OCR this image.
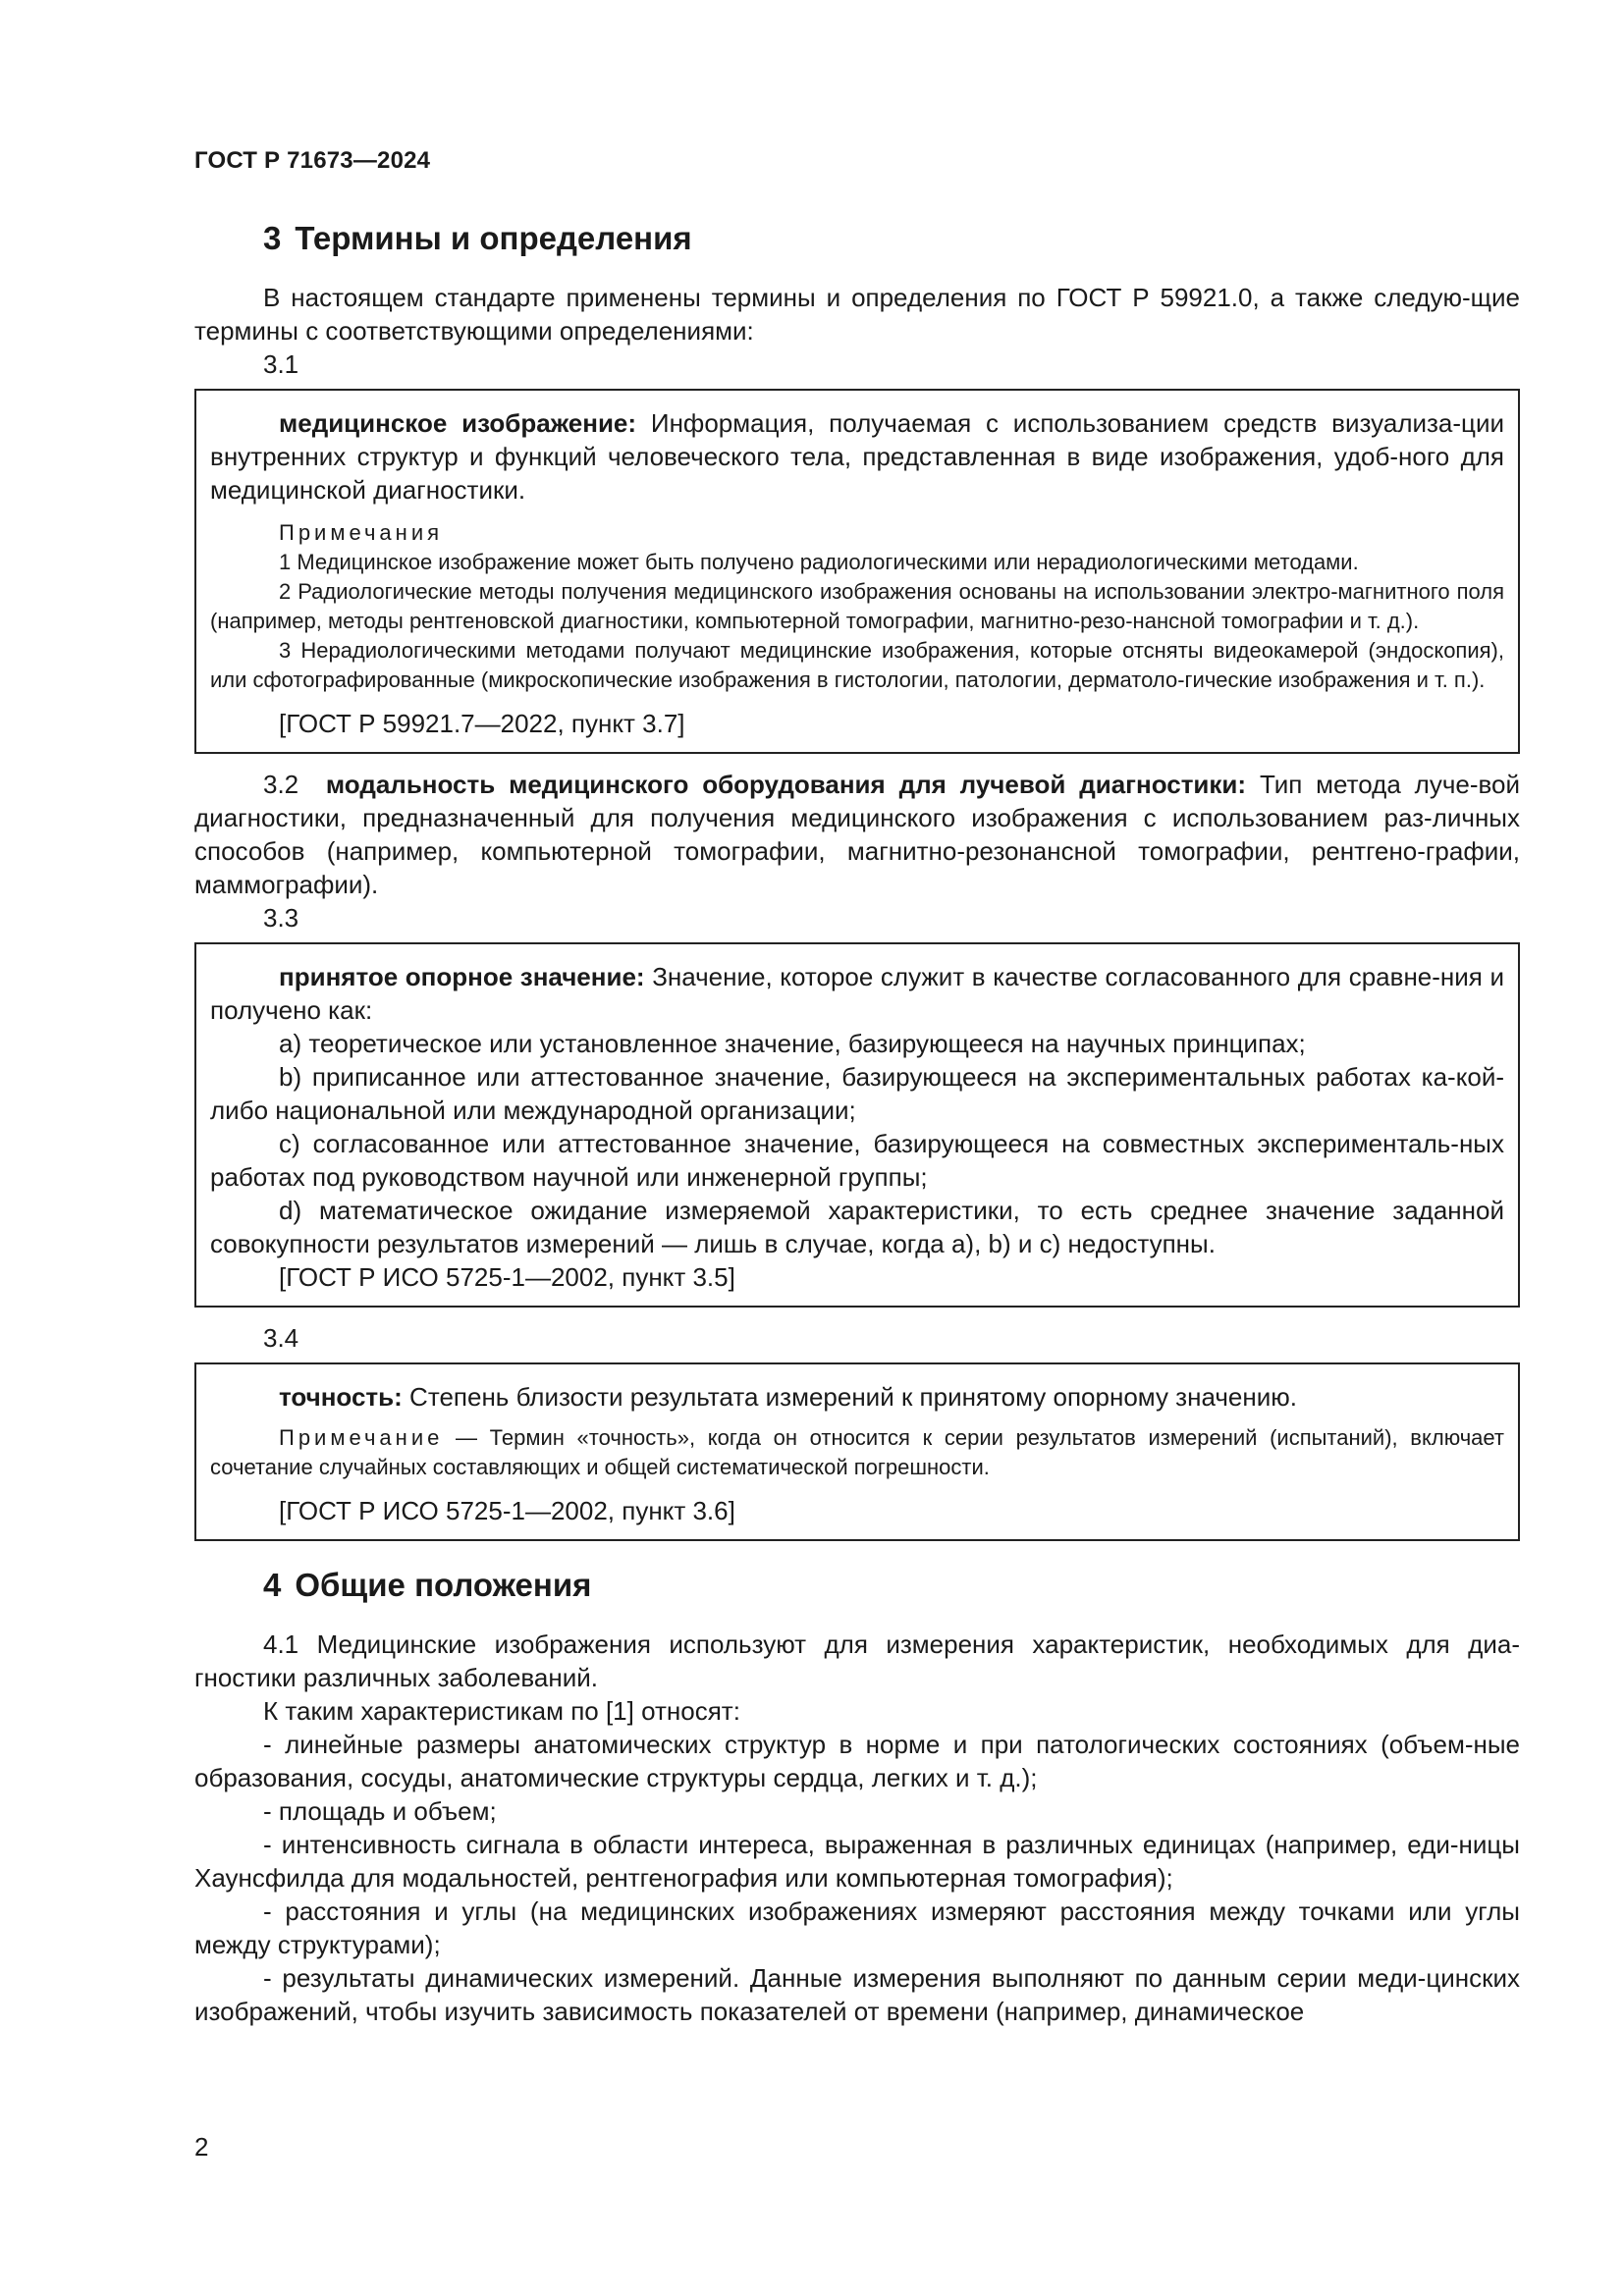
ГОСТ Р 71673—2024
3 Термины и определения

В настоящем стандарте применены термины и определения по ГОСТ Р 59921.0, а также следую-щие термины с соответствующими определениями:

3.1

медицинское изображение: Информация, получаемая с использованием средств визуализа-ции внутренних структур и функций человеческого тела, представленная в виде изображения, удоб-ного для медицинской диагностики.

Примечания

1 Медицинское изображение может быть получено радиологическими или нерадиологическими методами.

2 Радиологические методы получения медицинского изображения основаны на использовании электро-магнитного поля (например, методы рентгеновской диагностики, компьютерной томографии, магнитно-резо-нансной томографии и т. д.).

3 Нерадиологическими методами получают медицинские изображения, которые отсняты видеокамерой (эндоскопия), или сфотографированные (микроскопические изображения в гистологии, патологии, дерматоло-гические изображения и т. п.).

[ГОСТ Р 59921.7—2022, пункт 3.7]

3.2 модальность медицинского оборудования для лучевой диагностики: Тип метода луче-вой диагностики, предназначенный для получения медицинского изображения с использованием раз-личных способов (например, компьютерной томографии, магнитно-резонансной томографии, рентгено-графии, маммографии).

3.3

принятое опорное значение: Значение, которое служит в качестве согласованного для сравне-ния и получено как:

a) теоретическое или установленное значение, базирующееся на научных принципах;

b) приписанное или аттестованное значение, базирующееся на экспериментальных работах ка-кой-либо национальной или международной организации;

c) согласованное или аттестованное значение, базирующееся на совместных эксперименталь-ных работах под руководством научной или инженерной группы;

d) математическое ожидание измеряемой характеристики, то есть среднее значение заданной совокупности результатов измерений — лишь в случае, когда a), b) и c) недоступны.

[ГОСТ Р ИСО 5725-1—2002, пункт 3.5]
3.4

точность: Степень близости результата измерений к принятому опорному значению.

Примечание — Термин «точность», когда он относится к серии результатов измерений (испытаний), включает сочетание случайных составляющих и общей систематической погрешности.

[ГОСТ Р ИСО 5725-1—2002, пункт 3.6]
4 Общие положения

4.1 Медицинские изображения используют для измерения характеристик, необходимых для диа-гностики различных заболеваний.

К таким характеристикам по [1] относят:

- линейные размеры анатомических структур в норме и при патологических состояниях (объем-ные образования, сосуды, анатомические структуры сердца, легких и т. д.);

- площадь и объем;

- интенсивность сигнала в области интереса, выраженная в различных единицах (например, еди-ницы Хаунсфилда для модальностей, рентгенография или компьютерная томография);

- расстояния и углы (на медицинских изображениях измеряют расстояния между точками или углы между структурами);

- результаты динамических измерений. Данные измерения выполняют по данным серии меди-цинских изображений, чтобы изучить зависимость показателей от времени (например, динамическое

2
